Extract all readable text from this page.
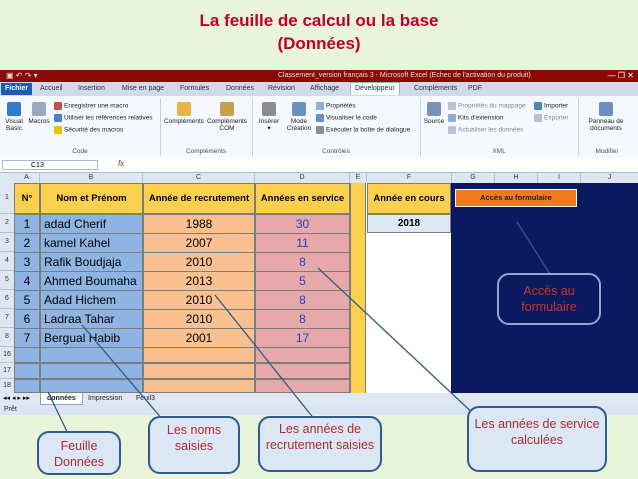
La feuille de calcul ou la base
(Données)
▣ ↶ ↷ ▾	Classement_version français 3 - Microsoft Excel (Echec de l'activation du produit)	— ❐ ✕
Fichier	Accueil	Insertion	Mise en page	Formules	Données	Révision	Affichage	Développeur	Compléments	PDF

Visual Basic

Macros
Enregistrer une macro
Utiliser les références relatives
Sécurité des macros
Code

Compléments Compléments COM
Compléments

Insérer
▾

Mode Création
Propriétés
Visualiser le code
Exécuter la boîte de dialogue
Contrôles

Source
Propriétés du mappage
Kits d'extension
Actualiser les données
Importer
Exporter
XML

Panneau de documents
Modifier
C13	fx
A	B	C	D	E	F	G	H	I	J
1
2
3
4
5
6
7
8
16
17
18
N°	Nom et Prénom	Année de recrutement	Années en service	Année en cours	Accès au formulaire
2018
1	adad Cherif	1988	30
2	kamel Kahel	2007	11
3	Rafik Boudjaja	2010	8
4	Ahmed Boumaha	2013	5
5	Adad Hichem	2010	8
6	Ladraa Tahar	2010	8
7	Bergual Habib	2001	17
◂◂ ◂ ▸ ▸▸	données	Impression	Feuil3
Prêt
Accès au formulaire
Feuille Données
Les noms saisies
Les années de recrutement saisies
Les années de service calculées
